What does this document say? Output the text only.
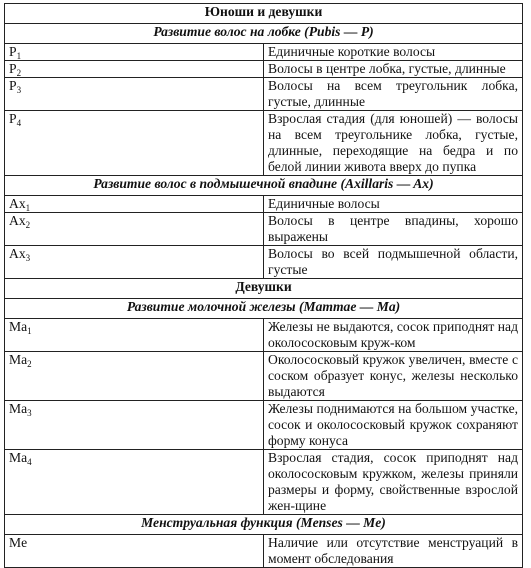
Юноши и девушки	
Развитие волос на лобке (Pubis — P)	
$P_1$	Единичные короткие волосы
$P_2$	Волосы в центре лобка, густые, длинные
$P_3$	Волосы на всем треугольник лобка, густые, длинные
$P_4$	Взрослая стадия (для юношей) — волосы на всем треугольнике лобка, густые, длинные, переходящие на бедра и по белой линии живота вверх до пупка
Развитие волос в подмышечной впадине (Axillaris — Ax)	
$Ax_1$	Единичные волосы
$Ax_2$	Волосы в центре впадины, хорошо выражены
$Ax_3$	Волосы во всей подмышечной области, густые
Девушки	
Развитие молочной железы (Mammae — Ma)	
$Ma_1$	Железы не выдаются, сосок приподнят над околососковым круж-ком
$Ma_2$	Околососковый кружок увеличен, вместе с соском образует конус, железы несколько выдаются
$Ma_3$	Железы поднимаются на большом участке, сосок и околососковый кружок сохраняют форму конуса
$Ma_4$	Взрослая стадия, сосок приподнят над околососковым кружком, железы приняли размеры и форму, свойственные взрослой жен-щине
Менструальная функция (Menses — Me)	
Me	Наличие или отсутствие менструаций в момент обследования
